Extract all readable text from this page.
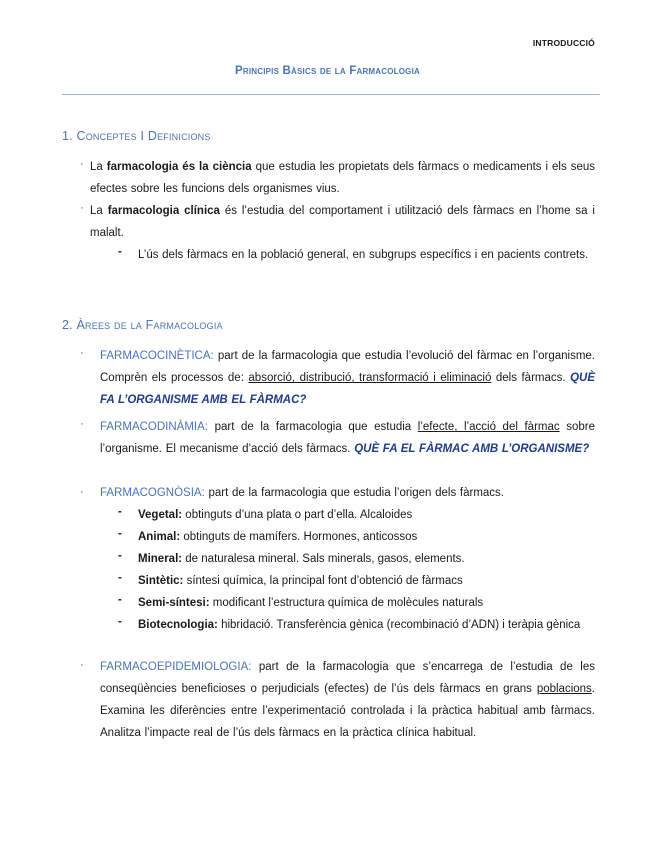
INTRODUCCIÓ
Principis Bàsics de la Farmacologia
1. Conceptes I Definicions
· La farmacologia és la ciència que estudia les propietats dels fàrmacs o medicaments i els seus efectes sobre les funcions dels organismes vius.
· La farmacologia clínica és l’estudia del comportament i utilització dels fàrmacs en l’home sa i malalt.
- L’ús dels fàrmacs en la població general, en subgrups específics i en pacients contrets.
2. Àrees de la Farmacologia
· FARMACOCINÈTICA: part de la farmacologia que estudia l’evolució del fàrmac en l’organisme. Comprèn els processos de: absorció, distribució, transformació i eliminació dels fàrmacs. QUÈ FA L’ORGANISME AMB EL FÀRMAC?
· FARMACODINÀMIA: part de la farmacologia que estudia l’efecte, l’acció del fàrmac sobre l’organisme. El mecanisme d’acció dels fàrmacs. QUÈ FA EL FÀRMAC AMB L’ORGANISME?
· FARMACOGNÒSIA: part de la farmacologia que estudia l’origen dels fàrmacs.
- Vegetal: obtinguts d’una plata o part d’ella. Alcaloides
- Animal: obtinguts de mamífers. Hormones, anticossos
- Mineral: de naturalesa mineral. Sals minerals, gasos, elements.
- Sintètic: síntesi química, la principal font d’obtenció de fàrmacs
- Semi-síntesi: modificant l’estructura química de molècules naturals
- Biotecnologia: hibridació. Transferència gènica (recombinació d’ADN) i teràpia gènica
· FARMACOEPIDEMIOLOGIA: part de la farmacologia que s’encarrega de l’estudia de les conseqüències beneficioses o perjudicials (efectes) de l’ús dels fàrmacs en grans poblacions. Examina les diferències entre l’experimentació controlada i la pràctica habitual amb fàrmacs. Analitza l’impacte real de l’ús dels fàrmacs en la pràctica clínica habitual.
